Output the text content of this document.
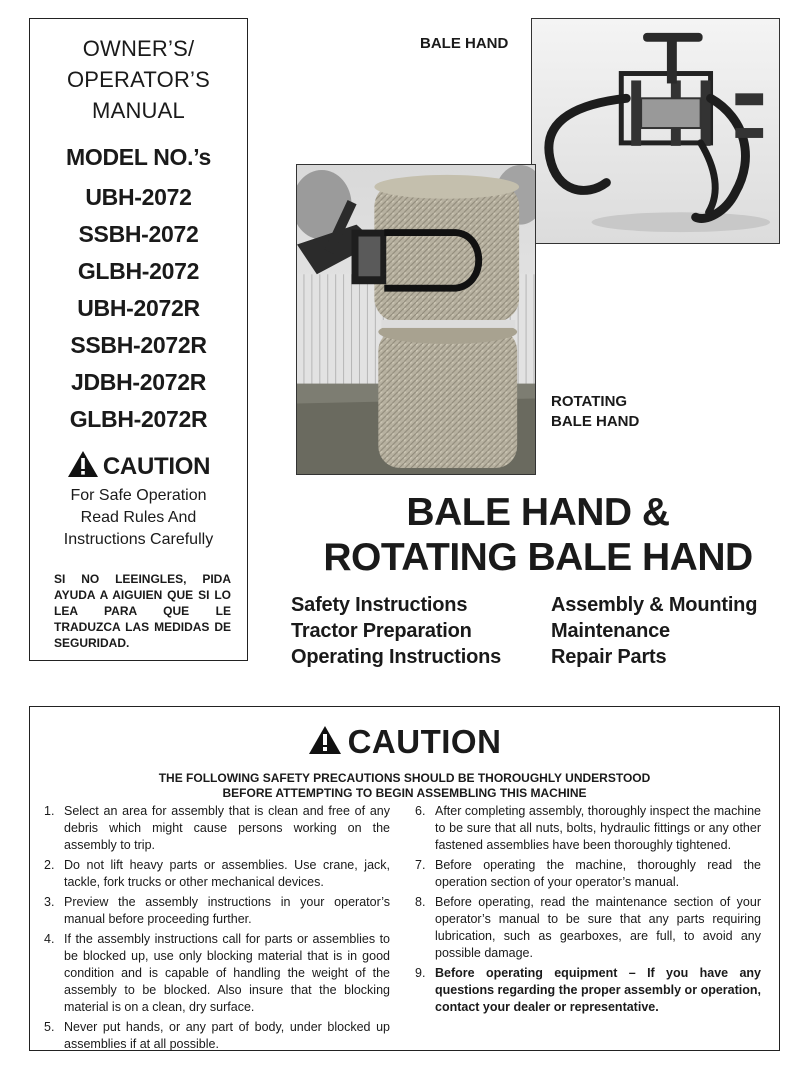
OWNER’S/
OPERATOR’S
MANUAL
MODEL NO.’s
UBH-2072
SSBH-2072
GLBH-2072
UBH-2072R
SSBH-2072R
JDBH-2072R
GLBH-2072R
CAUTION
For Safe Operation
Read Rules And
Instructions Carefully
SI NO LEEINGLES, PIDA AYUDA A AIGUIEN QUE SI LO LEA PARA QUE LE TRADUZCA LAS MEDIDAS DE SEGURIDAD.
BALE HAND
ROTATING
BALE HAND
BALE HAND &
ROTATING BALE HAND
Safety Instructions
Tractor Preparation
Operating Instructions
Assembly & Mounting
Maintenance
Repair Parts
CAUTION
THE FOLLOWING SAFETY PRECAUTIONS SHOULD BE THOROUGHLY UNDERSTOOD
BEFORE ATTEMPTING TO BEGIN ASSEMBLING THIS MACHINE
1. Select an area for assembly that is clean and free of any debris which might cause persons working on the assembly to trip.
2. Do not lift heavy parts or assemblies. Use crane, jack, tackle, fork trucks or other mechanical devices.
3. Preview the assembly instructions in your operator’s manual before proceeding further.
4. If the assembly instructions call for parts or assemblies to be blocked up, use only blocking material that is in good condition and is capable of handling the weight of the assembly to be blocked. Also insure that the blocking material is on a clean, dry surface.
5. Never put hands, or any part of body, under blocked up assemblies if at all possible.
6. After completing assembly, thoroughly inspect the machine to be sure that all nuts, bolts, hydraulic fittings or any other fastened assemblies have been thoroughly tightened.
7. Before operating the machine, thoroughly read the operation section of your operator’s manual.
8. Before operating, read the maintenance section of your operator’s manual to be sure that any parts requiring lubrication, such as gearboxes, are full, to avoid any possible damage.
9. Before operating equipment – If you have any questions regarding the proper assembly or operation, contact your dealer or representative.
